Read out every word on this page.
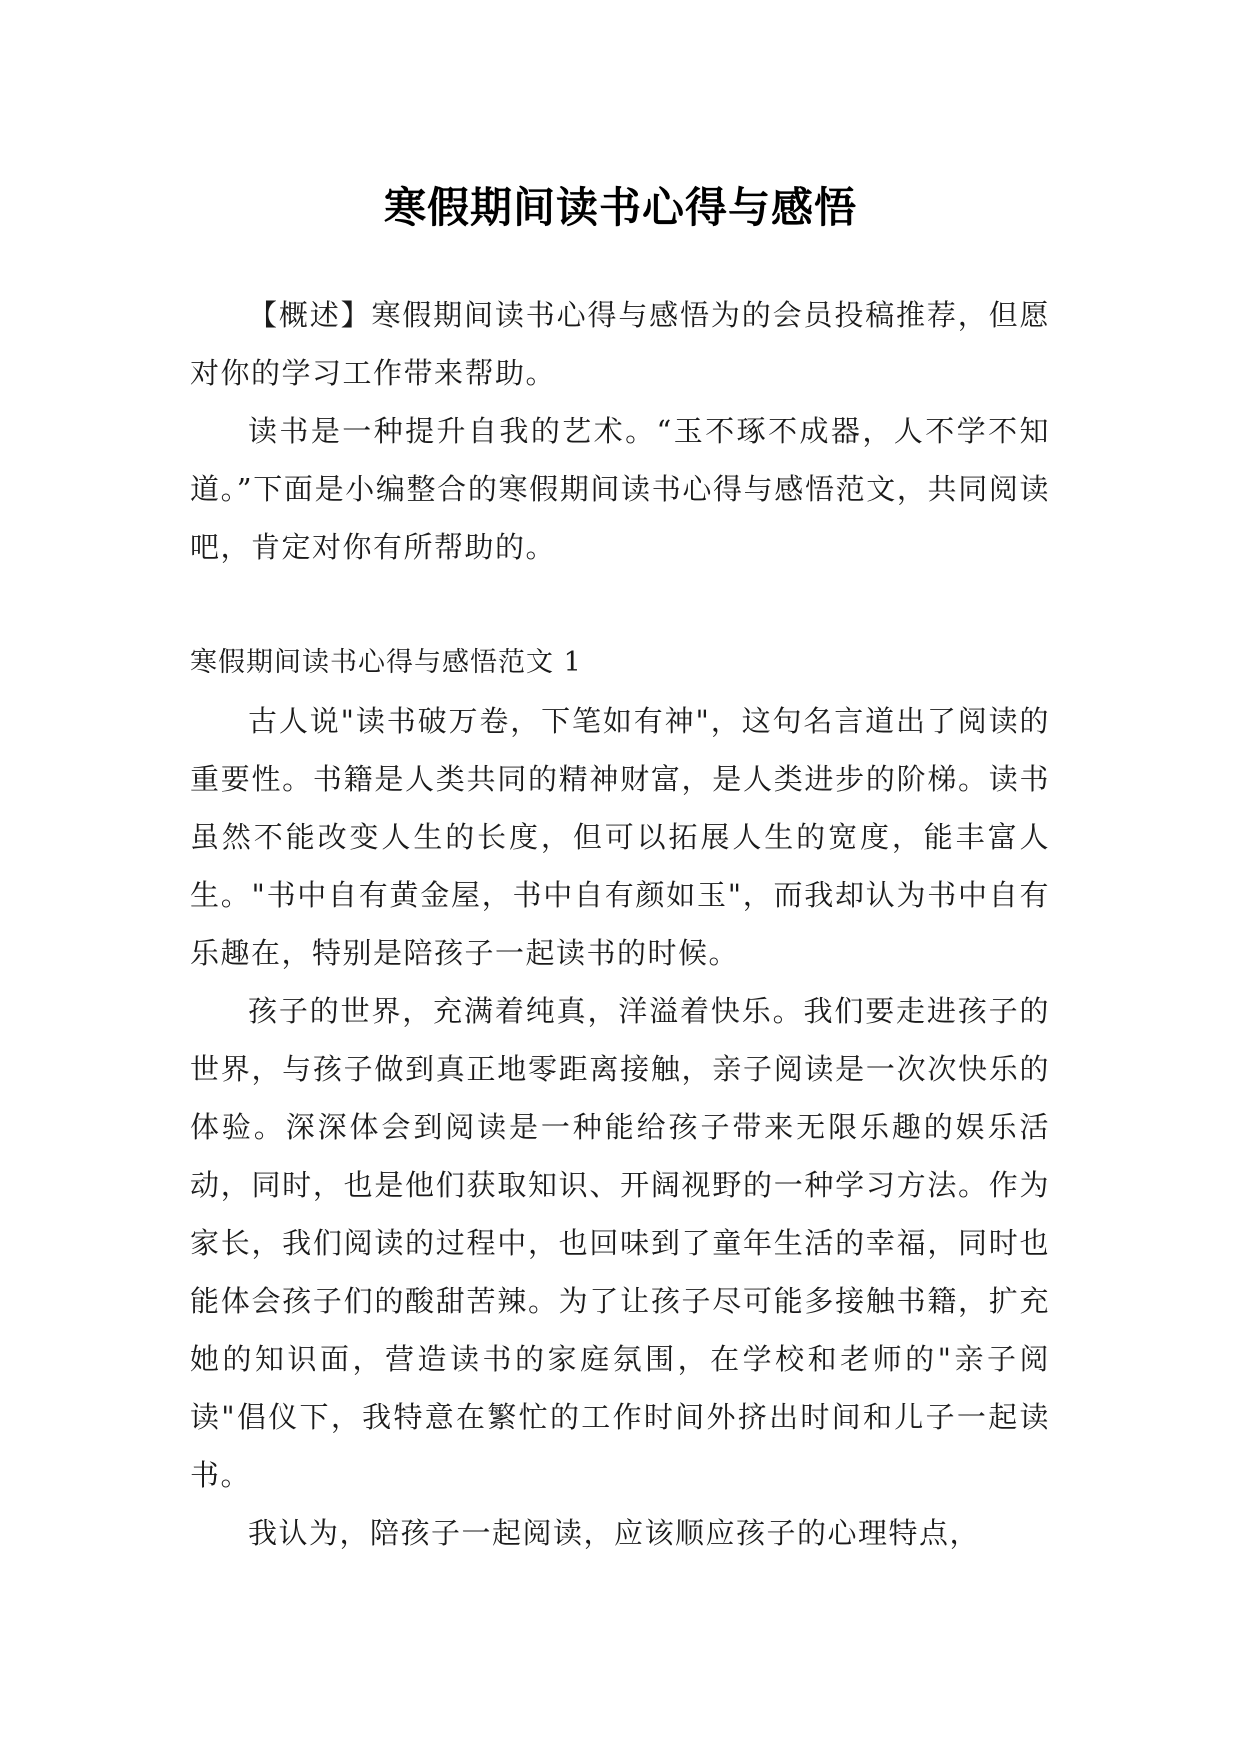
寒假期间读书心得与感悟

【概述】寒假期间读书心得与感悟为的会员投稿推荐，但愿对你的学习工作带来帮助。

读书是一种提升自我的艺术。“玉不琢不成器，人不学不知道。”下面是小编整合的寒假期间读书心得与感悟范文，共同阅读吧，肯定对你有所帮助的。

寒假期间读书心得与感悟范文 1

古人说"读书破万卷，下笔如有神"，这句名言道出了阅读的重要性。书籍是人类共同的精神财富，是人类进步的阶梯。读书虽然不能改变人生的长度，但可以拓展人生的宽度，能丰富人生。"书中自有黄金屋，书中自有颜如玉"，而我却认为书中自有乐趣在，特别是陪孩子一起读书的时候。

孩子的世界，充满着纯真，洋溢着快乐。我们要走进孩子的世界，与孩子做到真正地零距离接触，亲子阅读是一次次快乐的体验。深深体会到阅读是一种能给孩子带来无限乐趣的娱乐活动，同时，也是他们获取知识、开阔视野的一种学习方法。作为家长，我们阅读的过程中，也回味到了童年生活的幸福，同时也能体会孩子们的酸甜苦辣。为了让孩子尽可能多接触书籍，扩充她的知识面，营造读书的家庭氛围，在学校和老师的"亲子阅读"倡仪下，我特意在繁忙的工作时间外挤出时间和儿子一起读书。

我认为，陪孩子一起阅读，应该顺应孩子的心理特点，
